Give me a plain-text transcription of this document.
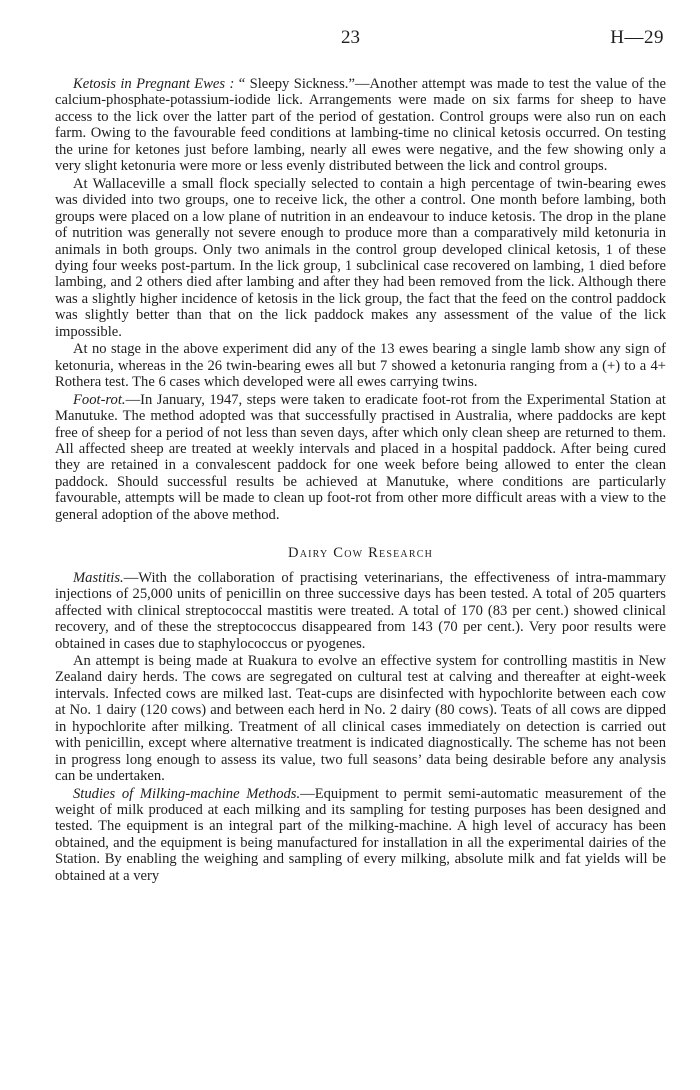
23	H—29

Ketosis in Pregnant Ewes : “ Sleepy Sickness.”—Another attempt was made to test the value of the calcium-phosphate-potassium-iodide lick. Arrangements were made on six farms for sheep to have access to the lick over the latter part of the period of gestation. Control groups were also run on each farm. Owing to the favourable feed conditions at lambing-time no clinical ketosis occurred. On testing the urine for ketones just before lambing, nearly all ewes were negative, and the few showing only a very slight ketonuria were more or less evenly distributed between the lick and control groups.

At Wallaceville a small flock specially selected to contain a high percentage of twin-bearing ewes was divided into two groups, one to receive lick, the other a control. One month before lambing, both groups were placed on a low plane of nutrition in an endeavour to induce ketosis. The drop in the plane of nutrition was generally not severe enough to produce more than a comparatively mild ketonuria in animals in both groups. Only two animals in the control group developed clinical ketosis, 1 of these dying four weeks post-partum. In the lick group, 1 subclinical case recovered on lambing, 1 died before lambing, and 2 others died after lambing and after they had been removed from the lick. Although there was a slightly higher incidence of ketosis in the lick group, the fact that the feed on the control paddock was slightly better than that on the lick paddock makes any assessment of the value of the lick impossible.

At no stage in the above experiment did any of the 13 ewes bearing a single lamb show any sign of ketonuria, whereas in the 26 twin-bearing ewes all but 7 showed a ketonuria ranging from a (+) to a 4+ Rothera test. The 6 cases which developed were all ewes carrying twins.

Foot-rot.—In January, 1947, steps were taken to eradicate foot-rot from the Experimental Station at Manutuke. The method adopted was that successfully practised in Australia, where paddocks are kept free of sheep for a period of not less than seven days, after which only clean sheep are returned to them. All affected sheep are treated at weekly intervals and placed in a hospital paddock. After being cured they are retained in a convalescent paddock for one week before being allowed to enter the clean paddock. Should successful results be achieved at Manutuke, where conditions are particularly favourable, attempts will be made to clean up foot-rot from other more difficult areas with a view to the general adoption of the above method.

Dairy Cow Research

Mastitis.—With the collaboration of practising veterinarians, the effectiveness of intra-mammary injections of 25,000 units of penicillin on three successive days has been tested. A total of 205 quarters affected with clinical streptococcal mastitis were treated. A total of 170 (83 per cent.) showed clinical recovery, and of these the streptococcus disappeared from 143 (70 per cent.). Very poor results were obtained in cases due to staphylococcus or pyogenes.

An attempt is being made at Ruakura to evolve an effective system for controlling mastitis in New Zealand dairy herds. The cows are segregated on cultural test at calving and thereafter at eight-week intervals. Infected cows are milked last. Teat-cups are disinfected with hypochlorite between each cow at No. 1 dairy (120 cows) and between each herd in No. 2 dairy (80 cows). Teats of all cows are dipped in hypochlorite after milking. Treatment of all clinical cases immediately on detection is carried out with penicillin, except where alternative treatment is indicated diagnostically. The scheme has not been in progress long enough to assess its value, two full seasons’ data being desirable before any analysis can be undertaken.

Studies of Milking-machine Methods.—Equipment to permit semi-automatic measurement of the weight of milk produced at each milking and its sampling for testing purposes has been designed and tested. The equipment is an integral part of the milking-machine. A high level of accuracy has been obtained, and the equipment is being manufactured for installation in all the experimental dairies of the Station. By enabling the weighing and sampling of every milking, absolute milk and fat yields will be obtained at a very
